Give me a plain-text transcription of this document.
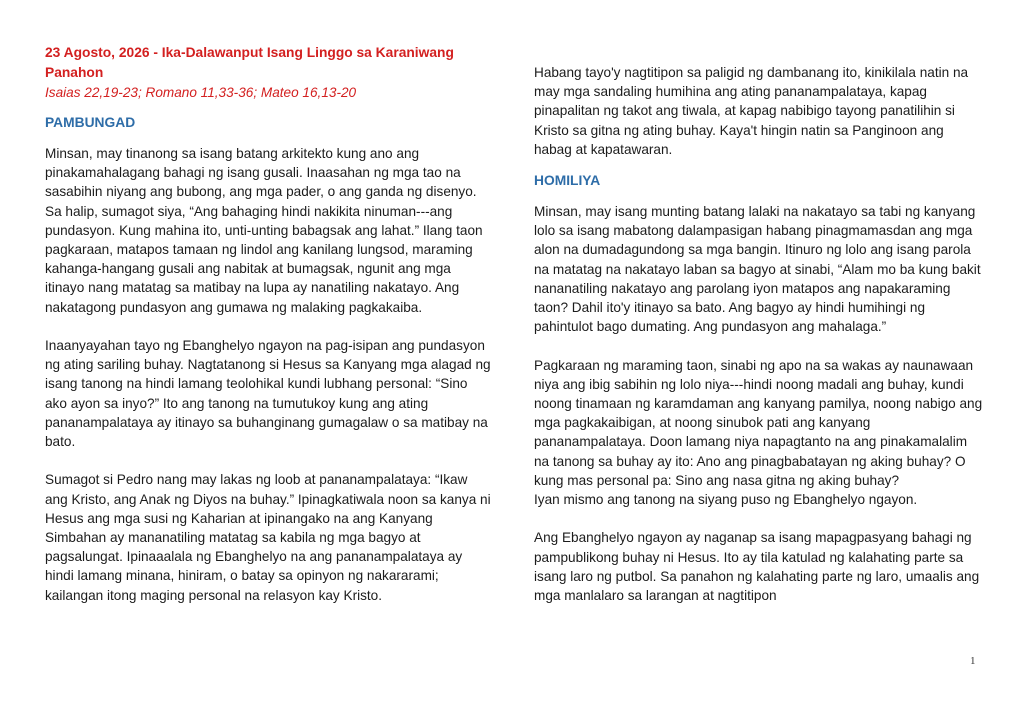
23 Agosto, 2026 - Ika-Dalawanput Isang Linggo sa Karaniwang Panahon

Isaias 22,19-23; Romano 11,33-36; Mateo 16,13-20

PAMBUNGAD

Minsan, may tinanong sa isang batang arkitekto kung ano ang pinakamahalagang bahagi ng isang gusali. Inaasahan ng mga tao na sasabihin niyang ang bubong, ang mga pader, o ang ganda ng disenyo. Sa halip, sumagot siya, “Ang bahaging hindi nakikita ninuman---ang pundasyon. Kung mahina ito, unti-unting babagsak ang lahat.” Ilang taon pagkaraan, matapos tamaan ng lindol ang kanilang lungsod, maraming kahanga-hangang gusali ang nabitak at bumagsak, ngunit ang mga itinayo nang matatag sa matibay na lupa ay nanatiling nakatayo. Ang nakatagong pundasyon ang gumawa ng malaking pagkakaiba.

Inaanyayahan tayo ng Ebanghelyo ngayon na pag-isipan ang pundasyon ng ating sariling buhay. Nagtatanong si Hesus sa Kanyang mga alagad ng isang tanong na hindi lamang teolohikal kundi lubhang personal: “Sino ako ayon sa inyo?” Ito ang tanong na tumutukoy kung ang ating pananampalataya ay itinayo sa buhanginang gumagalaw o sa matibay na bato.

Sumagot si Pedro nang may lakas ng loob at pananampalataya: “Ikaw ang Kristo, ang Anak ng Diyos na buhay.” Ipinagkatiwala noon sa kanya ni Hesus ang mga susi ng Kaharian at ipinangako na ang Kanyang Simbahan ay mananatiling matatag sa kabila ng mga bagyo at pagsalungat. Ipinaaalala ng Ebanghelyo na ang pananampalataya ay hindi lamang minana, hiniram, o batay sa opinyon ng nakararami; kailangan itong maging personal na relasyon kay Kristo.

Habang tayo'y nagtitipon sa paligid ng dambanang ito, kinikilala natin na may mga sandaling humihina ang ating pananampalataya, kapag pinapalitan ng takot ang tiwala, at kapag nabibigo tayong panatilihin si Kristo sa gitna ng ating buhay. Kaya't hingin natin sa Panginoon ang habag at kapatawaran.

HOMILIYA

Minsan, may isang munting batang lalaki na nakatayo sa tabi ng kanyang lolo sa isang mabatong dalampasigan habang pinagmamasdan ang mga alon na dumadagundong sa mga bangin. Itinuro ng lolo ang isang parola na matatag na nakatayo laban sa bagyo at sinabi, “Alam mo ba kung bakit nananatiling nakatayo ang parolang iyon matapos ang napakaraming taon? Dahil ito'y itinayo sa bato. Ang bagyo ay hindi humihingi ng pahintulot bago dumating. Ang pundasyon ang mahalaga.”

Pagkaraan ng maraming taon, sinabi ng apo na sa wakas ay naunawaan niya ang ibig sabihin ng lolo niya---hindi noong madali ang buhay, kundi noong tinamaan ng karamdaman ang kanyang pamilya, noong nabigo ang mga pagkakaibigan, at noong sinubok pati ang kanyang pananampalataya. Doon lamang niya napagtanto na ang pinakamalalim na tanong sa buhay ay ito: Ano ang pinagbabatayan ng aking buhay? O kung mas personal pa: Sino ang nasa gitna ng aking buhay?

Iyan mismo ang tanong na siyang puso ng Ebanghelyo ngayon.

Ang Ebanghelyo ngayon ay naganap sa isang mapagpasyang bahagi ng pampublikong buhay ni Hesus. Ito ay tila katulad ng kalahating parte sa isang laro ng putbol. Sa panahon ng kalahating parte ng laro, umaalis ang mga manlalaro sa larangan at nagtitipon

1
